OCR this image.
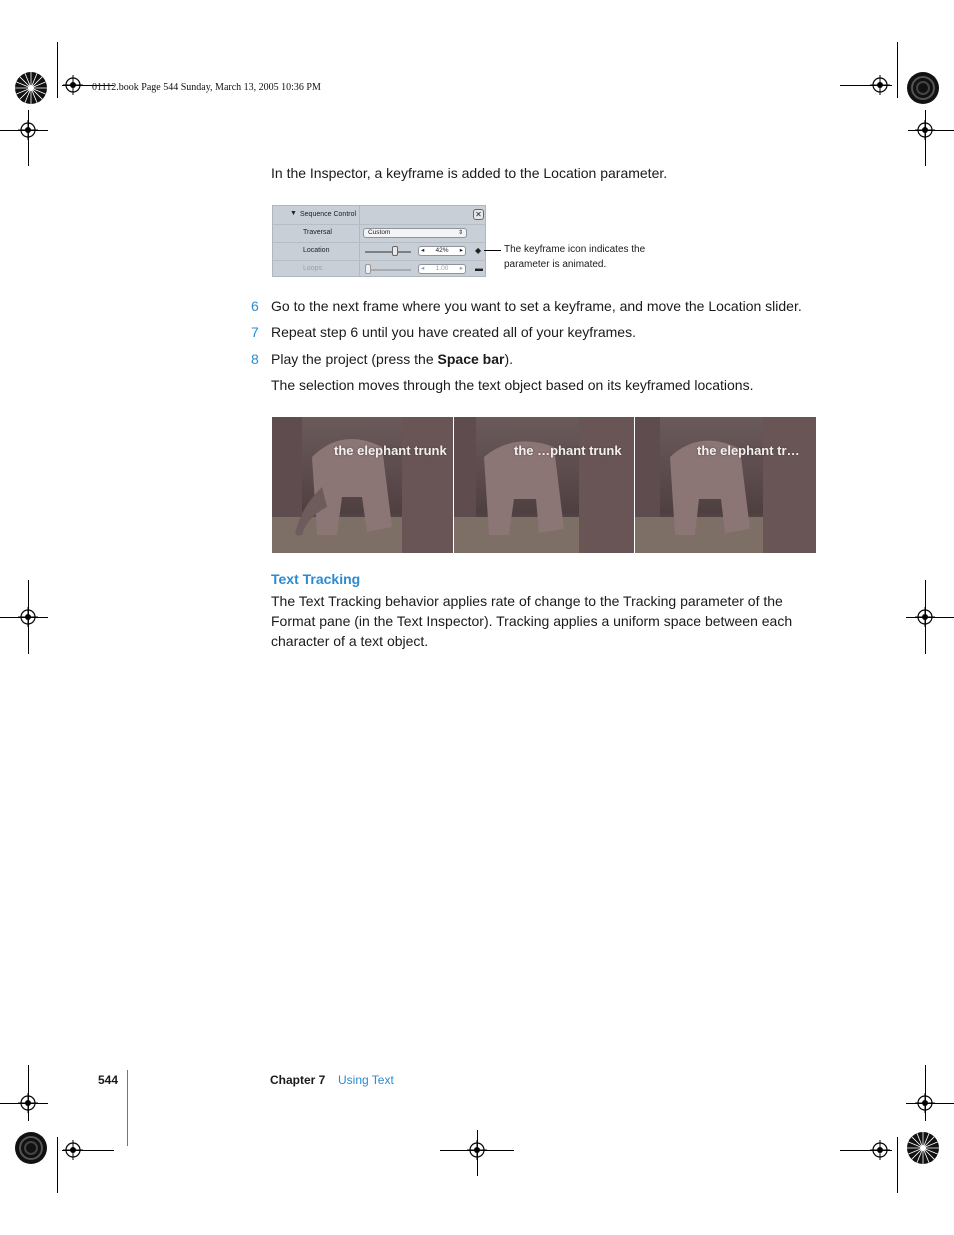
01112.book Page 544 Sunday, March 13, 2005 10:36 PM
In the Inspector, a keyframe is added to the Location parameter.
▼ Sequence Control	✕
Traversal	Custom	⇕
Location	◂ 42% ▸ ◆
Loops	◂ 1.00 ▸ ▬
The keyframe icon indicates the
parameter is animated.
6 Go to the next frame where you want to set a keyframe, and move the Location slider.
7 Repeat step 6 until you have created all of your keyframes.
8 Play the project (press the Space bar).
The selection moves through the text object based on its keyframed locations.
the elephant trunk	the …phant trunk	the elephant tr…
Text Tracking
The Text Tracking behavior applies rate of change to the Tracking parameter of the
Format pane (in the Text Inspector). Tracking applies a uniform space between each
character of a text object.
544	Chapter 7 Using Text
